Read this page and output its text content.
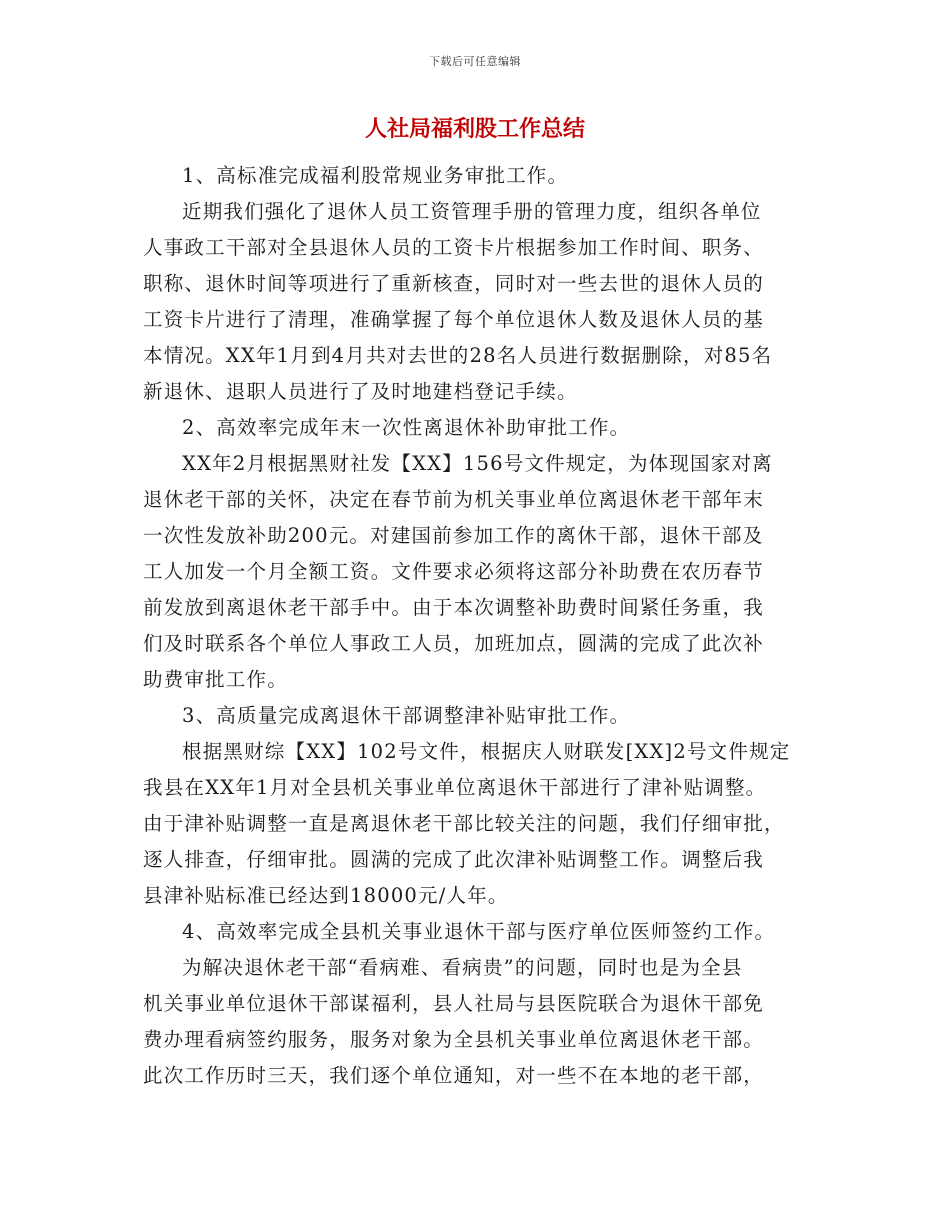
下载后可任意编辑
人社局福利股工作总结

1、高标准完成福利股常规业务审批工作。

近期我们强化了退休人员工资管理手册的管理力度，组织各单位
人事政工干部对全县退休人员的工资卡片根据参加工作时间、职务、
职称、退休时间等项进行了重新核查，同时对一些去世的退休人员的
工资卡片进行了清理，准确掌握了每个单位退休人数及退休人员的基
本情况。XX年1月到4月共对去世的28名人员进行数据删除，对85名
新退休、退职人员进行了及时地建档登记手续。

2、高效率完成年末一次性离退休补助审批工作。

XX年2月根据黑财社发【XX】156号文件规定，为体现国家对离
退休老干部的关怀，决定在春节前为机关事业单位离退休老干部年末
一次性发放补助200元。对建国前参加工作的离休干部，退休干部及
工人加发一个月全额工资。文件要求必须将这部分补助费在农历春节
前发放到离退休老干部手中。由于本次调整补助费时间紧任务重，我
们及时联系各个单位人事政工人员，加班加点，圆满的完成了此次补
助费审批工作。

3、高质量完成离退休干部调整津补贴审批工作。

根据黑财综【XX】102号文件，根据庆人财联发[XX]2号文件规定
我县在XX年1月对全县机关事业单位离退休干部进行了津补贴调整。
由于津补贴调整一直是离退休老干部比较关注的问题，我们仔细审批，
逐人排查，仔细审批。圆满的完成了此次津补贴调整工作。调整后我
县津补贴标准已经达到18000元/人年。

4、高效率完成全县机关事业退休干部与医疗单位医师签约工作。

为解决退休老干部“看病难、看病贵”的问题，同时也是为全县
机关事业单位退休干部谋福利，县人社局与县医院联合为退休干部免
费办理看病签约服务，服务对象为全县机关事业单位离退休老干部。
此次工作历时三天，我们逐个单位通知，对一些不在本地的老干部，
